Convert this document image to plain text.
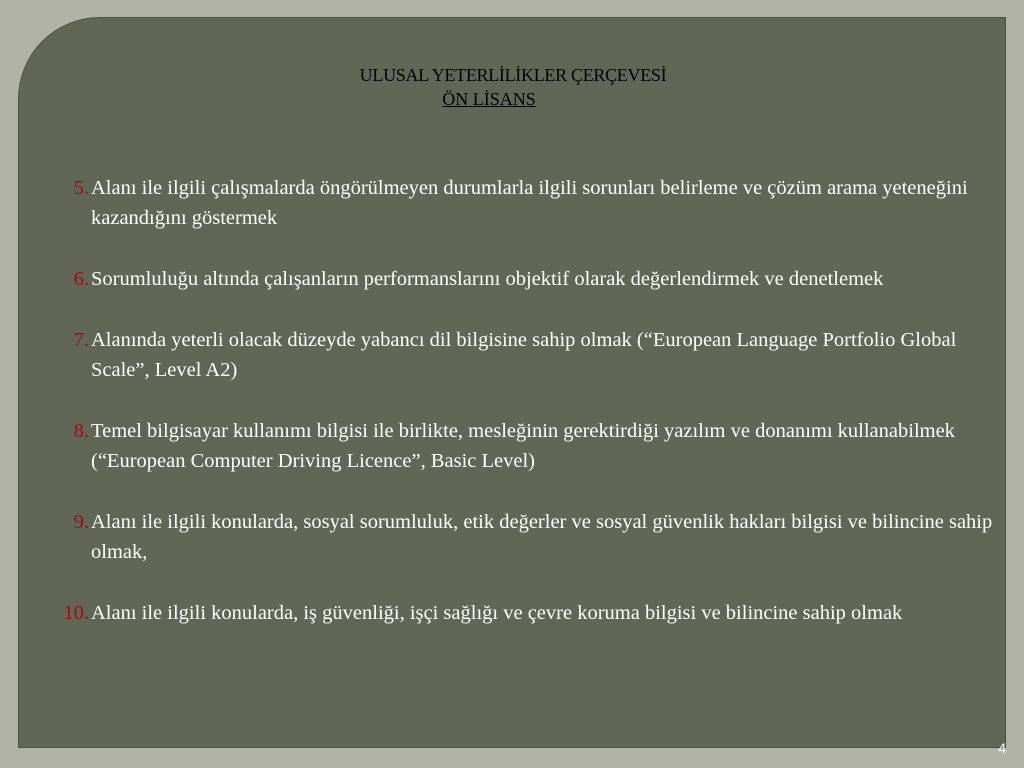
ULUSAL YETERLİLİKLER ÇERÇEVESİ

ÖN LİSANS

5. Alanı ile ilgili çalışmalarda öngörülmeyen durumlarla ilgili sorunları belirleme ve çözüm arama yeteneğini kazandığını göstermek
6. Sorumluluğu altında çalışanların performanslarını objektif olarak değerlendirmek ve denetlemek
7. Alanında yeterli olacak düzeyde yabancı dil bilgisine sahip olmak (“European Language Portfolio Global Scale”, Level A2)
8. Temel bilgisayar kullanımı bilgisi ile birlikte, mesleğinin gerektirdiği yazılım ve donanımı kullanabilmek (“European Computer Driving Licence”, Basic Level)
9. Alanı ile ilgili konularda, sosyal sorumluluk, etik değerler ve sosyal güvenlik hakları bilgisi ve bilincine sahip olmak,
10. Alanı ile ilgili konularda, iş güvenliği, işçi sağlığı ve çevre koruma bilgisi ve bilincine sahip olmak
4
